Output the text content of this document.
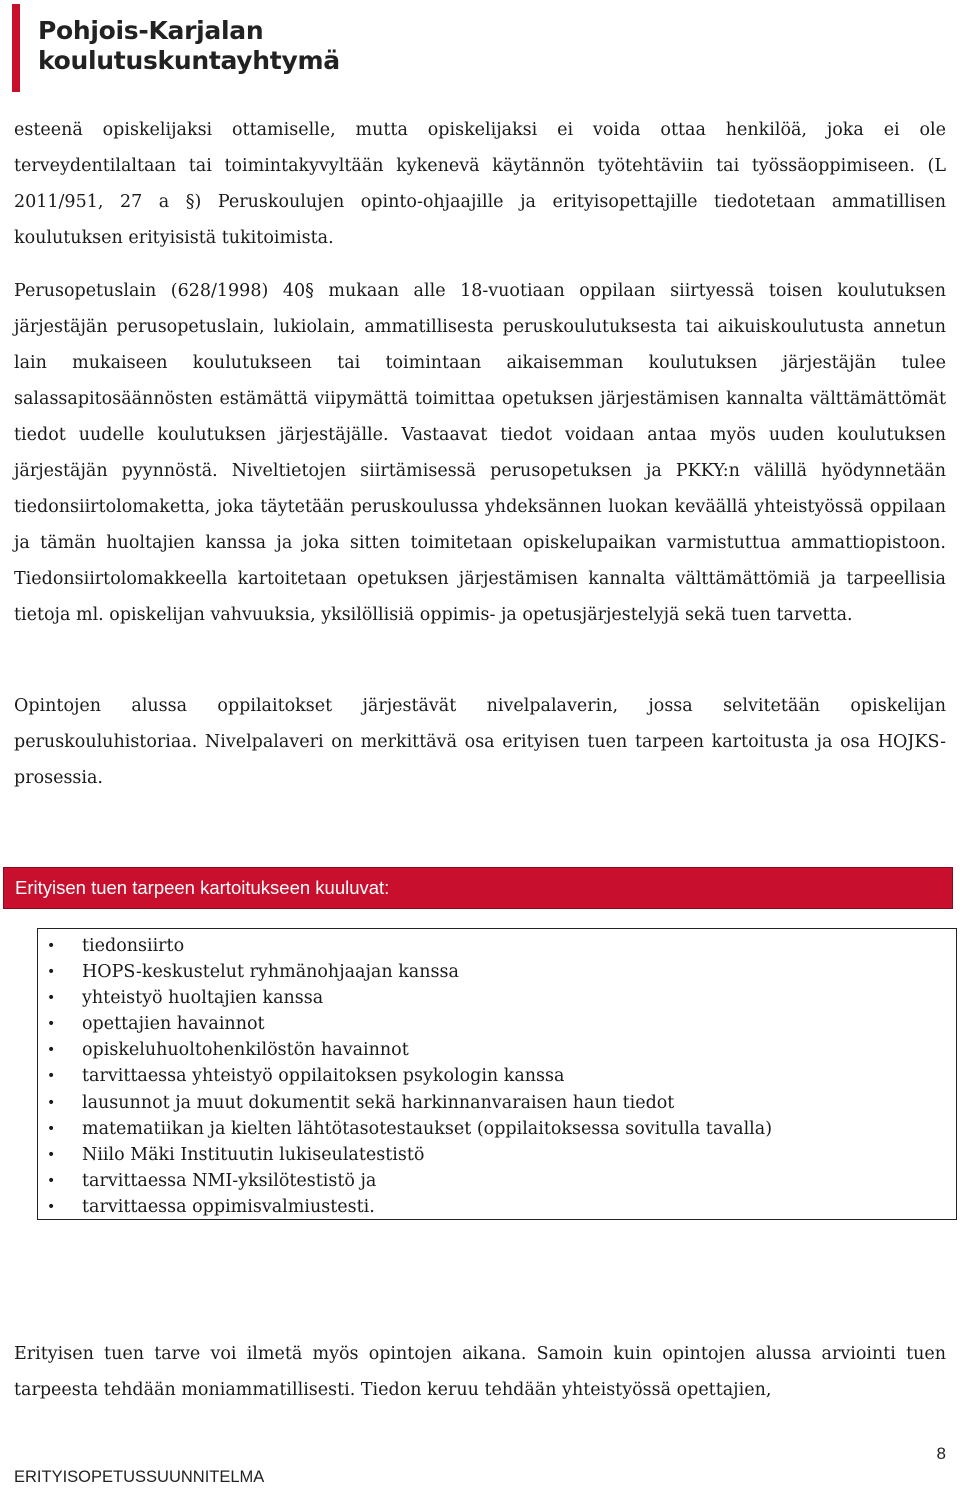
Pohjois-Karjalan
koulutuskuntayhtymä

esteenä opiskelijaksi ottamiselle, mutta opiskelijaksi ei voida ottaa henkilöä, joka ei ole terveydentilaltaan tai toimintakyvyltään kykenevä käytännön työtehtäviin tai työssäoppimiseen. (L 2011/951, 27 a §) Peruskoulujen opinto-ohjaajille ja erityisopettajille tiedotetaan ammatillisen koulutuksen erityisistä tukitoimista.

Perusopetuslain (628/1998) 40§ mukaan alle 18-vuotiaan oppilaan siirtyessä toisen koulutuksen järjestäjän perusopetuslain, lukiolain, ammatillisesta peruskoulutuksesta tai aikuiskoulutusta annetun lain mukaiseen koulutukseen tai toimintaan aikaisemman koulutuksen järjestäjän tulee salassapitosäännösten estämättä viipymättä toimittaa opetuksen järjestämisen kannalta välttämättömät tiedot uudelle koulutuksen järjestäjälle. Vastaavat tiedot voidaan antaa myös uuden koulutuksen järjestäjän pyynnöstä. Niveltietojen siirtämisessä perusopetuksen ja PKKY:n välillä hyödynnetään tiedonsiirtolomaketta, joka täytetään peruskoulussa yhdeksännen luokan keväällä yhteistyössä oppilaan ja tämän huoltajien kanssa ja joka sitten toimitetaan opiskelupaikan varmistuttua ammattiopistoon. Tiedonsiirtolomakkeella kartoitetaan opetuksen järjestämisen kannalta välttämättömiä ja tarpeellisia tietoja ml. opiskelijan vahvuuksia, yksilöllisiä oppimis- ja opetusjärjestelyjä sekä tuen tarvetta.

Opintojen alussa oppilaitokset järjestävät nivelpalaverin, jossa selvitetään opiskelijan peruskouluhistoriaa. Nivelpalaveri on merkittävä osa erityisen tuen tarpeen kartoitusta ja osa HOJKS-prosessia.

Erityisen tuen tarpeen kartoitukseen kuuluvat:
• tiedonsiirto
• HOPS-keskustelut ryhmänohjaajan kanssa
• yhteistyö huoltajien kanssa
• opettajien havainnot
• opiskeluhuoltohenkilöstön havainnot
• tarvittaessa yhteistyö oppilaitoksen psykologin kanssa
• lausunnot ja muut dokumentit sekä harkinnanvaraisen haun tiedot
• matematiikan ja kielten lähtötasotestaukset (oppilaitoksessa sovitulla tavalla)
• Niilo Mäki Instituutin lukiseulatestistö
• tarvittaessa NMI-yksilötestistö ja
• tarvittaessa oppimisvalmiustesti.

Erityisen tuen tarve voi ilmetä myös opintojen aikana. Samoin kuin opintojen alussa arviointi tuen tarpeesta tehdään moniammatillisesti. Tiedon keruu tehdään yhteistyössä opettajien,

8
ERITYISOPETUSSUUNNITELMA
